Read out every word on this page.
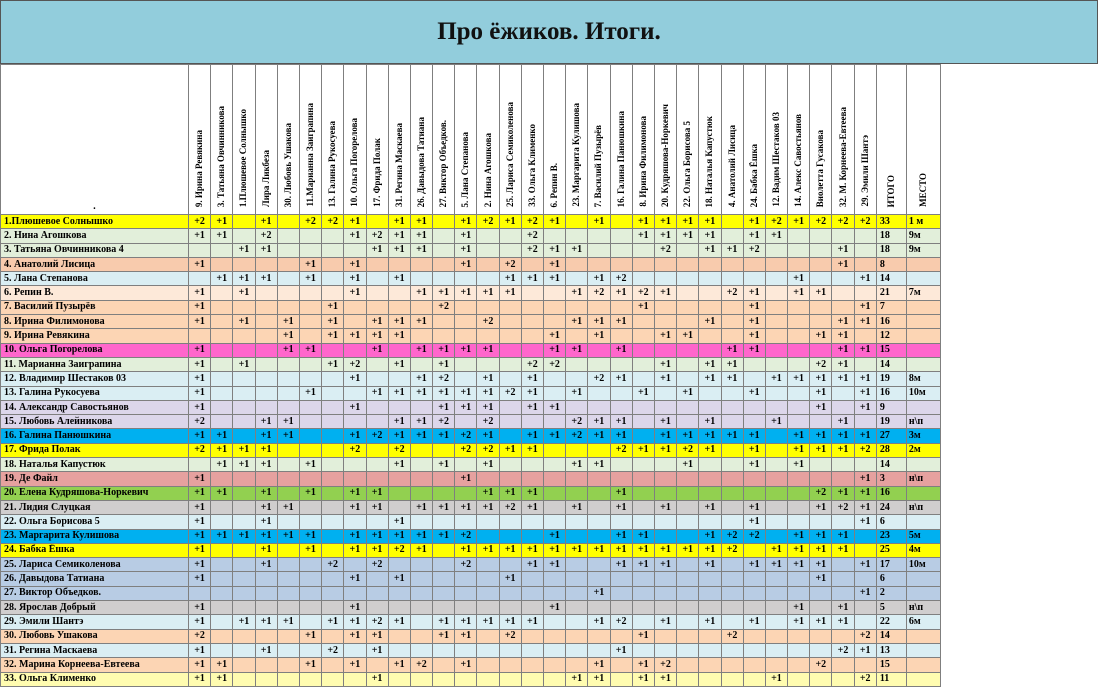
Про ёжиков. Итоги.
.	9. Ирина Ревякина	3. Татьяна Овчинникова	1.Плюшевое Солнышко	Лира Ликбеза	30. Любовь Ушакова	11.Марианна Заиграпина	13. Галина Рукосуева	10. Ольга Погорелова	17. Фрида Полак	31. Регина Маскаева	26. Давыдова Татиана	27. Виктор Объедков.	5. Лана Степанова	2. Нина Агошкова	25. Лариса Семиколенова	33. Ольга Клименко	6. Репин В.	23. Маргарита Кулишова	7. Василий Пузырёв	16. Галина Панюшкина	8. Ирина Филимонова	20. Кудряшова-Норкевич	22. Ольга Борисова 5	18. Наталья Капустюк	4. Анатолий Лисица	24. Бабка Ёшка	12. Вадим Шестаков 03	14. Алекс Савостьянов	Виолетта Гусакова	32. М. Корнеева-Евтеева	29. Эмили Шантэ	ИТОГО	МЕСТО
1.Плюшевое Солнышко	+2	+1		+1		+2	+2	+1		+1	+1		+1	+2	+1	+2	+1		+1		+1	+1	+1	+1		+1	+2	+1	+2	+2	+2	33	1 м
2. Нина Агошкова	+1	+1		+2				+1	+2	+1	+1		+1			+2					+1	+1	+1	+1		+1	+1					18	9м
3. Татьяна Овчинникова 4			+1	+1					+1	+1	+1		+1			+2	+1	+1				+2		+1	+1	+2				+1		18	9м
4. Анатолий Лисица	+1					+1		+1					+1		+2		+1													+1		8	
5. Лана Степанова		+1	+1	+1		+1		+1		+1					+1	+1	+1		+1	+2								+1			+1	14	
6. Репин В.	+1		+1					+1			+1	+1	+1	+1	+1			+1	+2	+1	+2	+1			+2	+1		+1	+1			21	7м
7. Василий Пузырёв	+1						+1					+2									+1					+1					+1	7	
8. Ирина Филимонова	+1		+1		+1		+1		+1	+1	+1			+2				+1	+1	+1				+1		+1				+1	+1	16	
9. Ирина Ревякина					+1		+1	+1	+1	+1							+1		+1			+1	+1			+1			+1	+1		12	
10. Ольга Погорелова	+1				+1	+1			+1		+1	+1	+1	+1			+1	+1		+1					+1	+1				+1	+1	15	
11. Марианна Заиграпина	+1		+1				+1	+2		+1		+1				+2	+2					+1		+1	+1				+2	+1		14	
12. Владимир Шестаков 03	+1							+1			+1	+2		+1		+1			+2	+1		+1		+1	+1		+1	+1	+1	+1	+1	19	8м
13. Галина Рукосуева	+1					+1			+1	+1	+1	+1	+1	+1	+2	+1		+1			+1		+1			+1			+1		+1	16	10м
14. Александр Савостьянов	+1							+1				+1	+1	+1		+1	+1												+1		+1	9	
15. Любовь Алейникова	+2			+1	+1					+1	+1	+2		+2				+2	+1	+1		+1		+1			+1			+1		19	н\п
16. Галина Панюшкина	+1	+1		+1	+1			+1	+2	+1	+1	+1	+2	+1		+1	+1	+2	+1	+1		+1	+1	+1	+1	+1		+1	+1	+1	+1	27	3м
17. Фрида Полак	+2	+1	+1	+1				+2		+2			+2	+2	+1	+1				+2	+1	+1	+2	+1		+1		+1	+1	+1	+2	28	2м
18. Наталья Капустюк		+1	+1	+1		+1				+1		+1		+1				+1	+1				+1			+1		+1				14	
19. Де Файл	+1												+1																		+1	3	н\п
20. Елена Кудряшова-Норкевич	+1	+1		+1		+1		+1	+1					+1	+1	+1				+1									+2	+1	+1	16	
21. Лидия Слуцкая	+1			+1	+1			+1	+1		+1	+1	+1	+1	+2	+1		+1		+1		+1		+1		+1			+1	+2	+1	24	н\п
22. Ольга Борисова 5	+1			+1						+1																+1					+1	6	
23. Маргарита Кулишова	+1	+1	+1	+1	+1	+1		+1	+1	+1	+1	+1	+2				+1			+1	+1			+1	+2	+2		+1	+1	+1		23	5м
24. Бабка Ёшка	+1			+1		+1		+1	+1	+2	+1		+1	+1	+1	+1	+1	+1	+1	+1	+1	+1	+1	+1	+2		+1	+1	+1	+1		25	4м
25. Лариса Семиколенова	+1			+1			+2		+2				+2			+1	+1			+1	+1	+1		+1		+1	+1	+1	+1		+1	17	10м
26. Давыдова Татиана	+1							+1		+1					+1														+1			6	
27. Виктор Объедков.																			+1												+1	2	
28. Ярослав Добрый	+1							+1									+1											+1		+1		5	н\п
29. Эмили Шантэ	+1		+1	+1	+1		+1	+1	+2	+1		+1	+1	+1	+1	+1			+1	+2		+1		+1		+1		+1	+1	+1		22	6м
30. Любовь Ушакова	+2					+1		+1	+1			+1	+1		+2						+1				+2						+2	14	
31. Регина Маскаева	+1			+1			+2		+1											+1										+2	+1	13	
32. Марина Корнеева-Евтеева	+1	+1				+1		+1		+1	+2		+1						+1		+1	+2							+2			15	
33. Ольга Клименко	+1	+1							+1									+1	+1		+1	+1					+1				+2	11	
